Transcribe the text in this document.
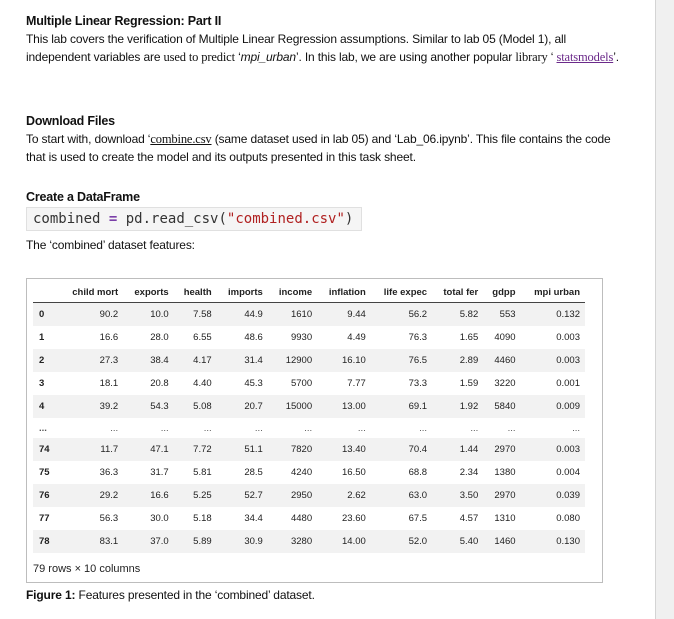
Multiple Linear Regression: Part II

This lab covers the verification of Multiple Linear Regression assumptions. Similar to lab 05 (Model 1), all independent variables are used to predict ‘mpi_urban’. In this lab, we are using another popular library ‘ statsmodels’.

Download Files

To start with, download ‘combine.csv (same dataset used in lab 05) and ‘Lab_06.ipynb’. This file contains the code that is used to create the model and its outputs presented in this task sheet.

Create a DataFrame
combined = pd.read_csv("combined.csv")
The ‘combined’ dataset features:
	child mort	exports	health	imports	income	inflation	life expec	total fer	gdpp	mpi urban
0	90.2	10.0	7.58	44.9	1610	9.44	56.2	5.82	553	0.132
1	16.6	28.0	6.55	48.6	9930	4.49	76.3	1.65	4090	0.003
2	27.3	38.4	4.17	31.4	12900	16.10	76.5	2.89	4460	0.003
3	18.1	20.8	4.40	45.3	5700	7.77	73.3	1.59	3220	0.001
4	39.2	54.3	5.08	20.7	15000	13.00	69.1	1.92	5840	0.009
...	...	...	...	...	...	...	...	...	...	...
74	11.7	47.1	7.72	51.1	7820	13.40	70.4	1.44	2970	0.003
75	36.3	31.7	5.81	28.5	4240	16.50	68.8	2.34	1380	0.004
76	29.2	16.6	5.25	52.7	2950	2.62	63.0	3.50	2970	0.039
77	56.3	30.0	5.18	34.4	4480	23.60	67.5	4.57	1310	0.080
78	83.1	37.0	5.89	30.9	3280	14.00	52.0	5.40	1460	0.130
79 rows × 10 columns
Figure 1: Features presented in the ‘combined’ dataset.
